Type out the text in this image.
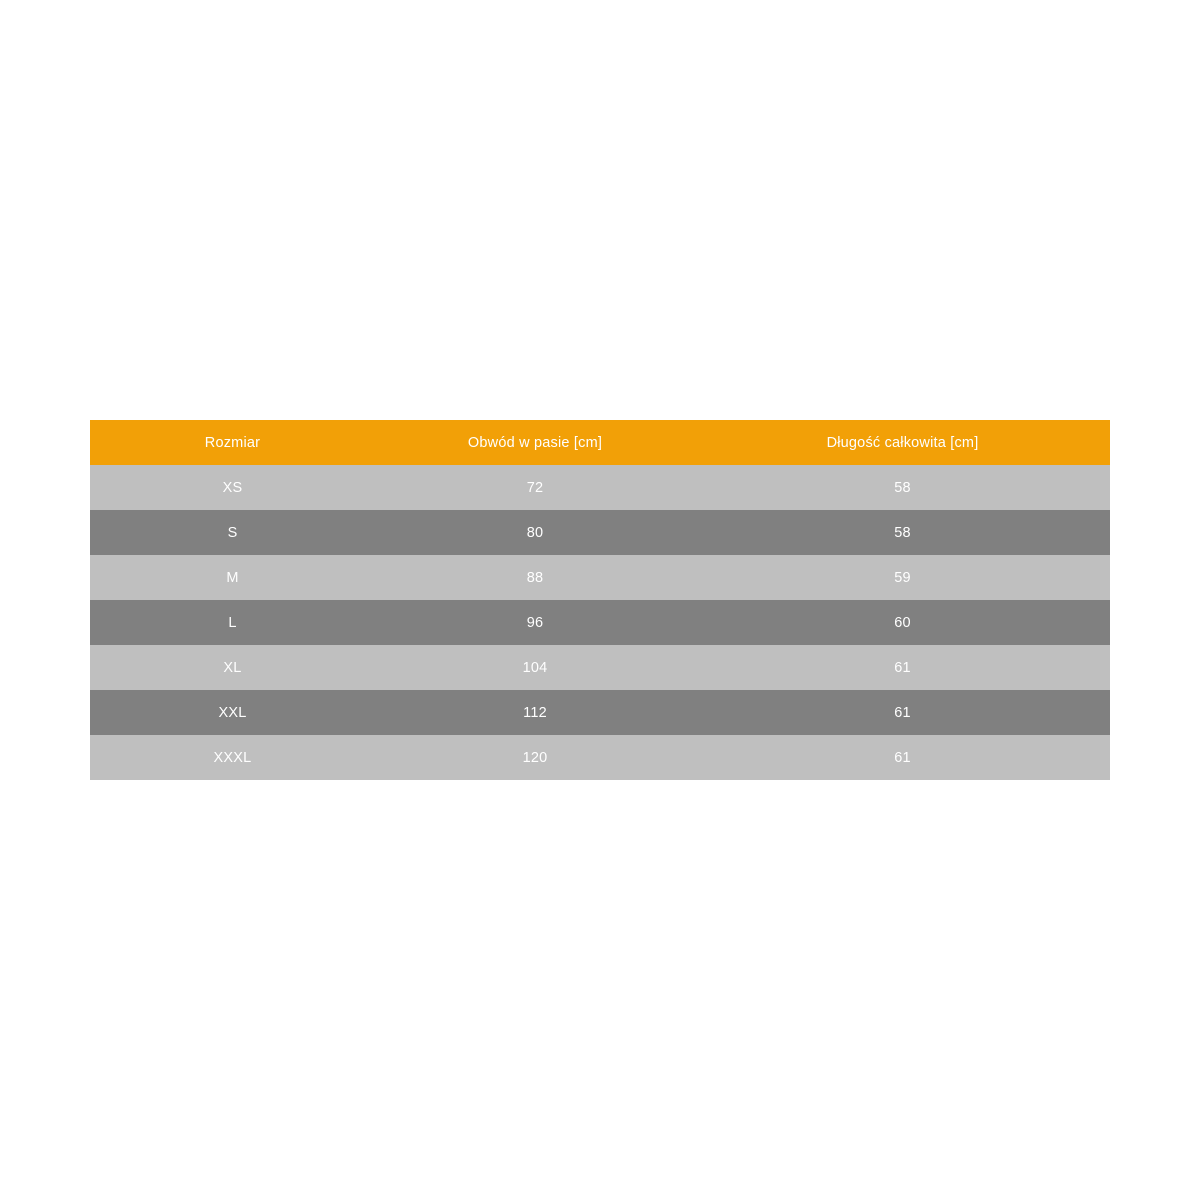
Rozmiar	Obwód w pasie [cm]	Długość całkowita [cm]
XS	72	58
S	80	58
M	88	59
L	96	60
XL	104	61
XXL	112	61
XXXL	120	61
